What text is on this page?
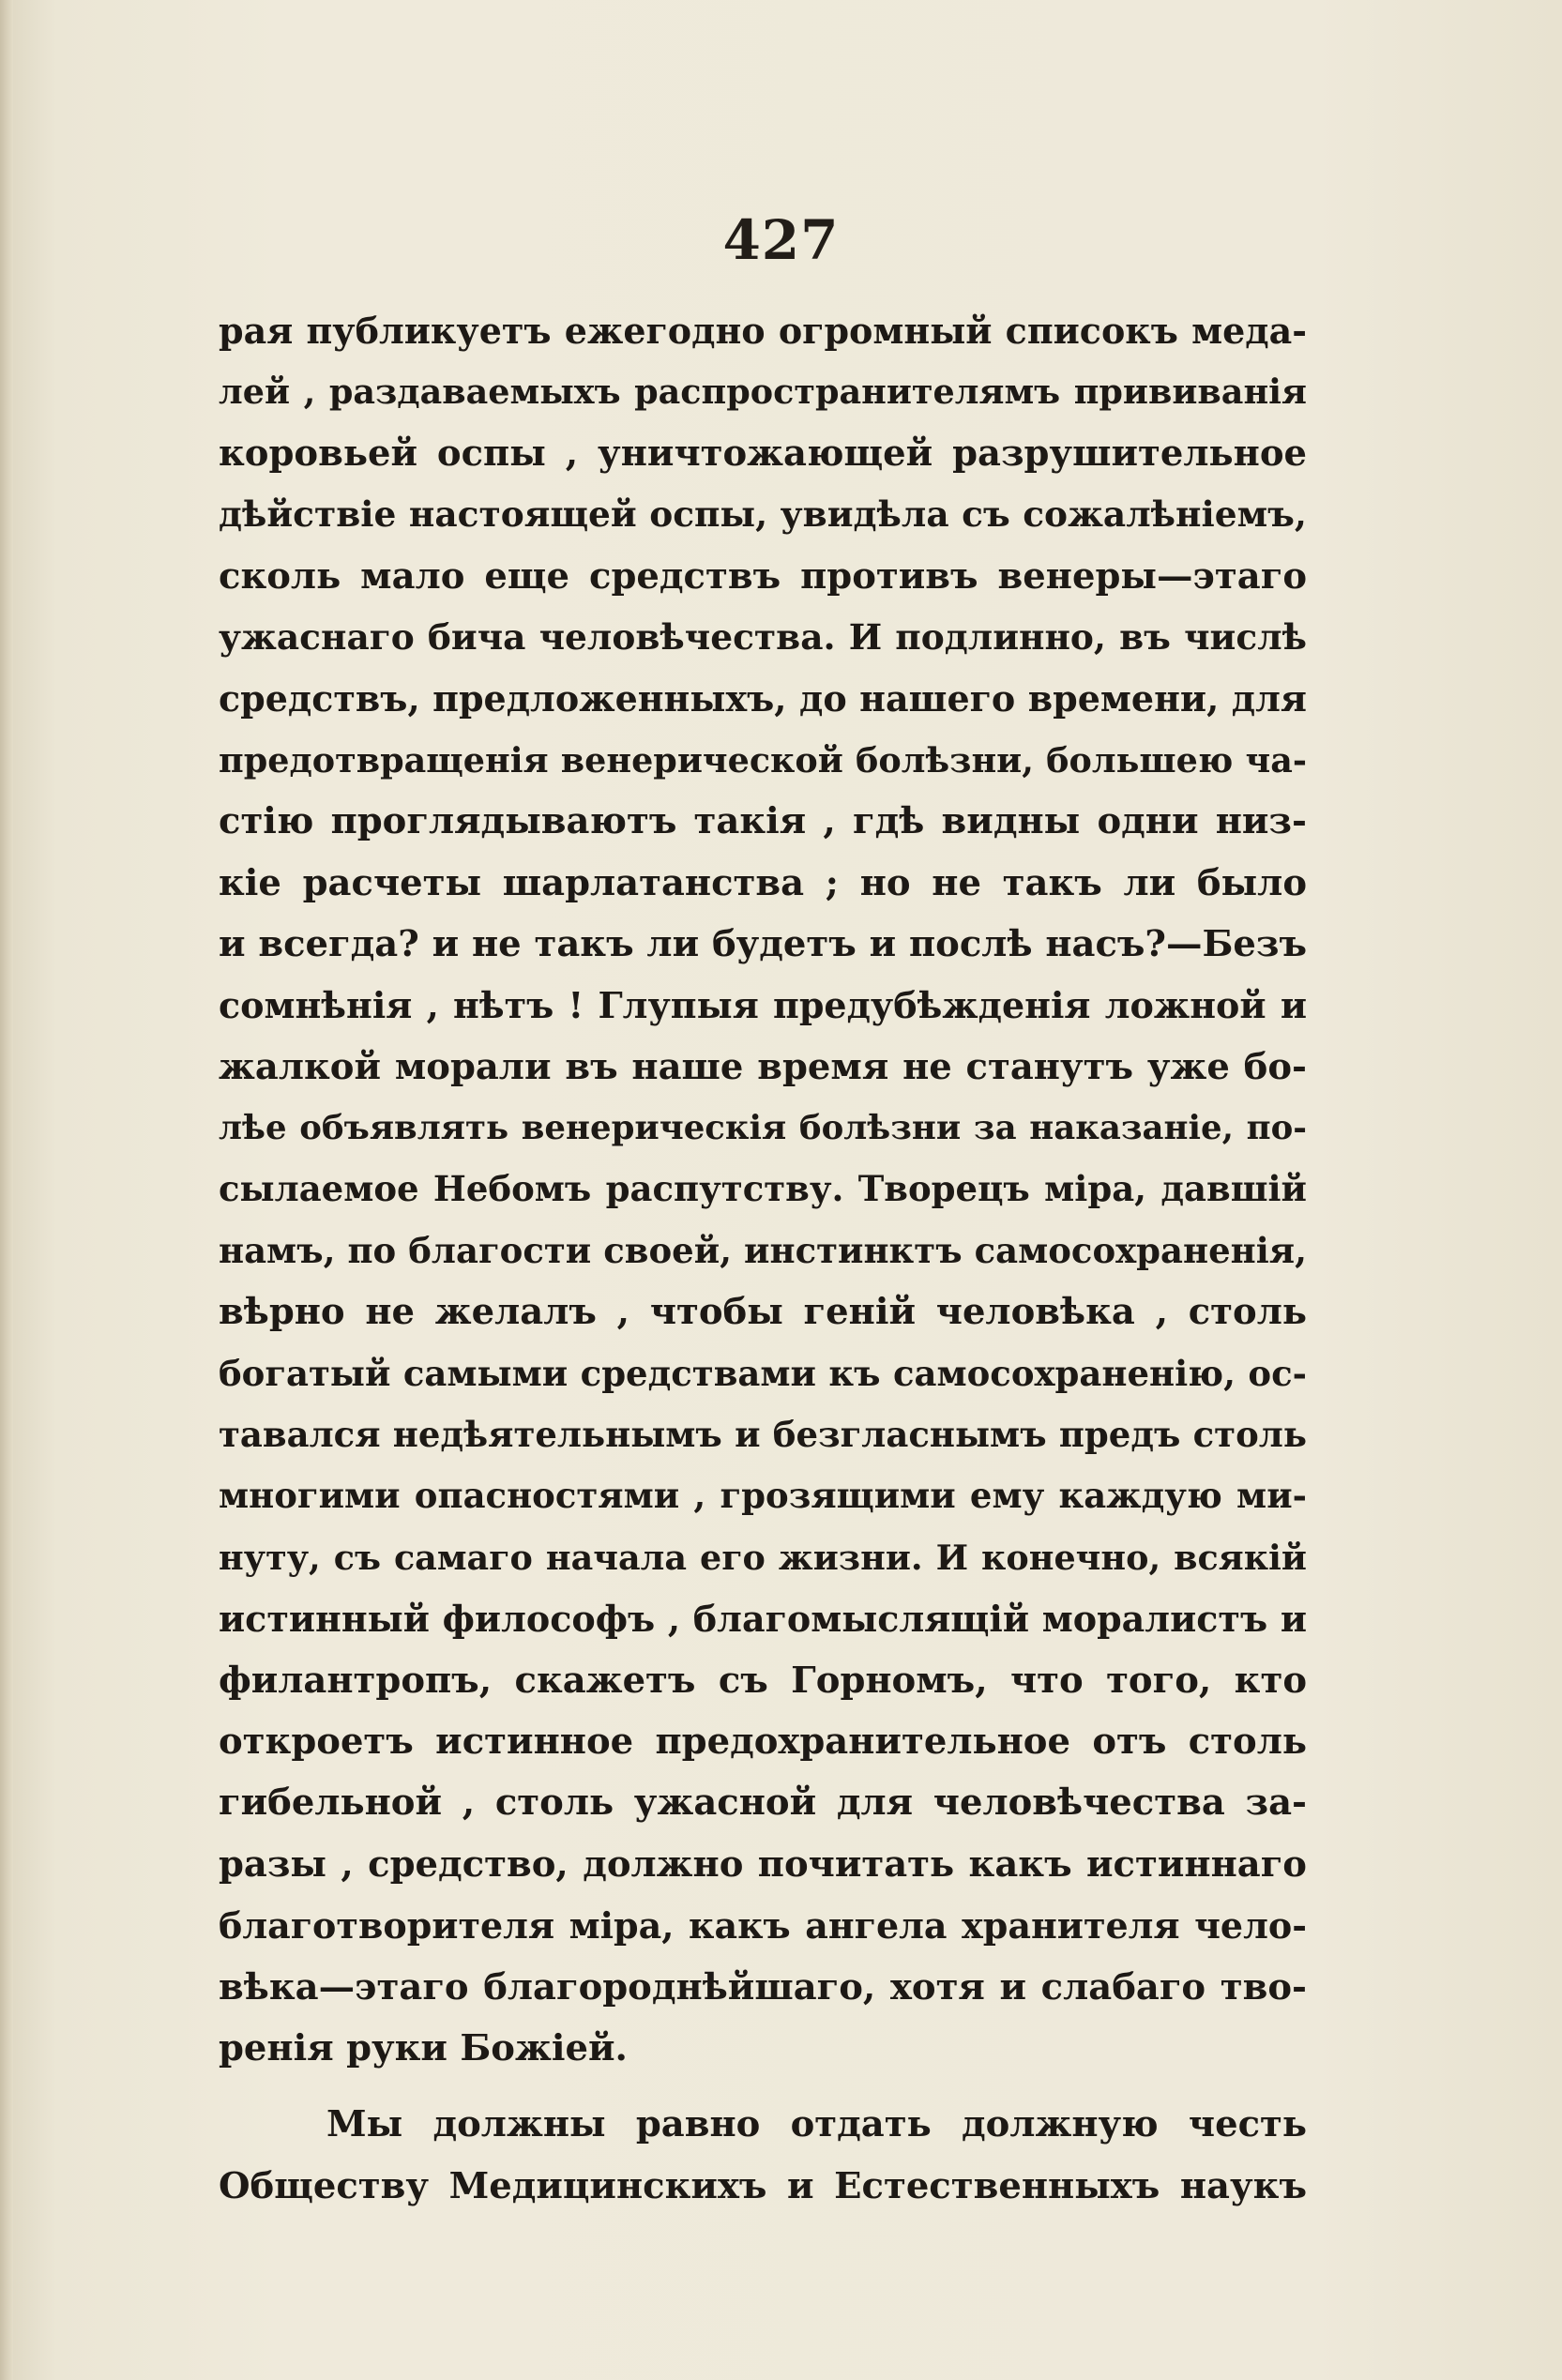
427
рая публикуетъ ежегодно огромный списокъ меда-
лей , раздаваемыхъ распространителямъ прививанія
коровьей оспы , уничтожающей разрушительное
дѣйствіе настоящей оспы, увидѣла съ сожалѣніемъ,
сколь мало еще средствъ противъ венеры—этаго
ужаснаго бича человѣчества. И подлинно, въ числѣ
средствъ, предложенныхъ, до нашего времени, для
предотвращенія венерической болѣзни, большею ча-
стію проглядываютъ такія , гдѣ видны одни низ-
кіе расчеты шарлатанства ; но не такъ ли было
и всегда? и не такъ ли будетъ и послѣ насъ?—Безъ
сомнѣнія , нѣтъ ! Глупыя предубѣжденія ложной и
жалкой морали въ наше время не станутъ уже бо-
лѣе объявлять венерическія болѣзни за наказаніе, по-
сылаемое Небомъ распутству. Творецъ міра, давшій
намъ, по благости своей, инстинктъ самосохраненія,
вѣрно не желалъ , чтобы геній человѣка , столь
богатый самыми средствами къ самосохраненію, ос-
тавался недѣятельнымъ и безгласнымъ предъ столь
многими опасностями , грозящими ему каждую ми-
нуту, съ самаго начала его жизни. И конечно, всякій
истинный философъ , благомыслящій моралистъ и
филантропъ, скажетъ съ Горномъ, что того, кто
откроетъ истинное предохранительное отъ столь
гибельной , столь ужасной для человѣчества за-
разы , средство, должно почитать какъ истиннаго
благотворителя міра, какъ ангела хранителя чело-
вѣка—этаго благороднѣйшаго, хотя и слабаго тво-
ренія руки Божіей.
Мы должны равно отдать должную честь
Обществу Медицинскихъ и Естественныхъ наукъ
